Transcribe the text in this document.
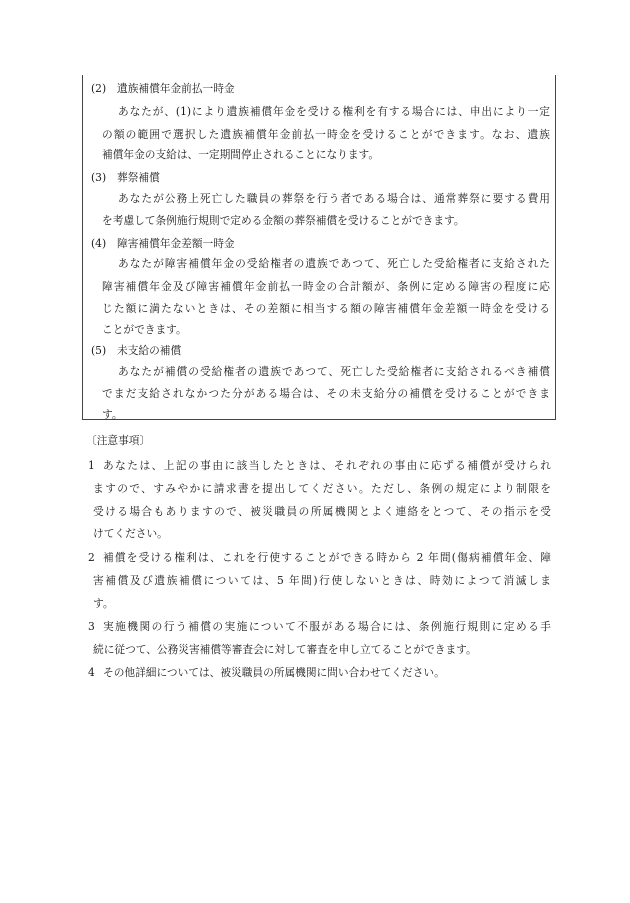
(2) 遺族補償年金前払一時金
あなたが、(1)により遺族補償年金を受ける権利を有する場合には、申出により一定
の額の範囲で選択した遺族補償年金前払一時金を受けることができます。なお、遺族
補償年金の支給は、一定期間停止されることになります。
(3) 葬祭補償
あなたが公務上死亡した職員の葬祭を行う者である場合は、通常葬祭に要する費用
を考慮して条例施行規則で定める金額の葬祭補償を受けることができます。
(4) 障害補償年金差額一時金
あなたが障害補償年金の受給権者の遺族であつて、死亡した受給権者に支給された
障害補償年金及び障害補償年金前払一時金の合計額が、条例に定める障害の程度に応
じた額に満たないときは、その差額に相当する額の障害補償年金差額一時金を受ける
ことができます。
(5) 未支給の補償
あなたが補償の受給権者の遺族であつて、死亡した受給権者に支給されるべき補償
でまだ支給されなかつた分がある場合は、その未支給分の補償を受けることができま
す。
〔注意事項〕
1 あなたは、上記の事由に該当したときは、それぞれの事由に応ずる補償が受けられ
ますので、すみやかに請求書を提出してください。ただし、条例の規定により制限を
受ける場合もありますので、被災職員の所属機関とよく連絡をとつて、その指示を受
けてください。
2 補償を受ける権利は、これを行使することができる時から 2 年間(傷病補償年金、障
害補償及び遺族補償については、5 年間)行使しないときは、時効によつて消滅しま
す。
3 実施機関の行う補償の実施について不服がある場合には、条例施行規則に定める手
続に従つて、公務災害補償等審査会に対して審査を申し立てることができます。
4 その他詳細については、被災職員の所属機関に問い合わせてください。
